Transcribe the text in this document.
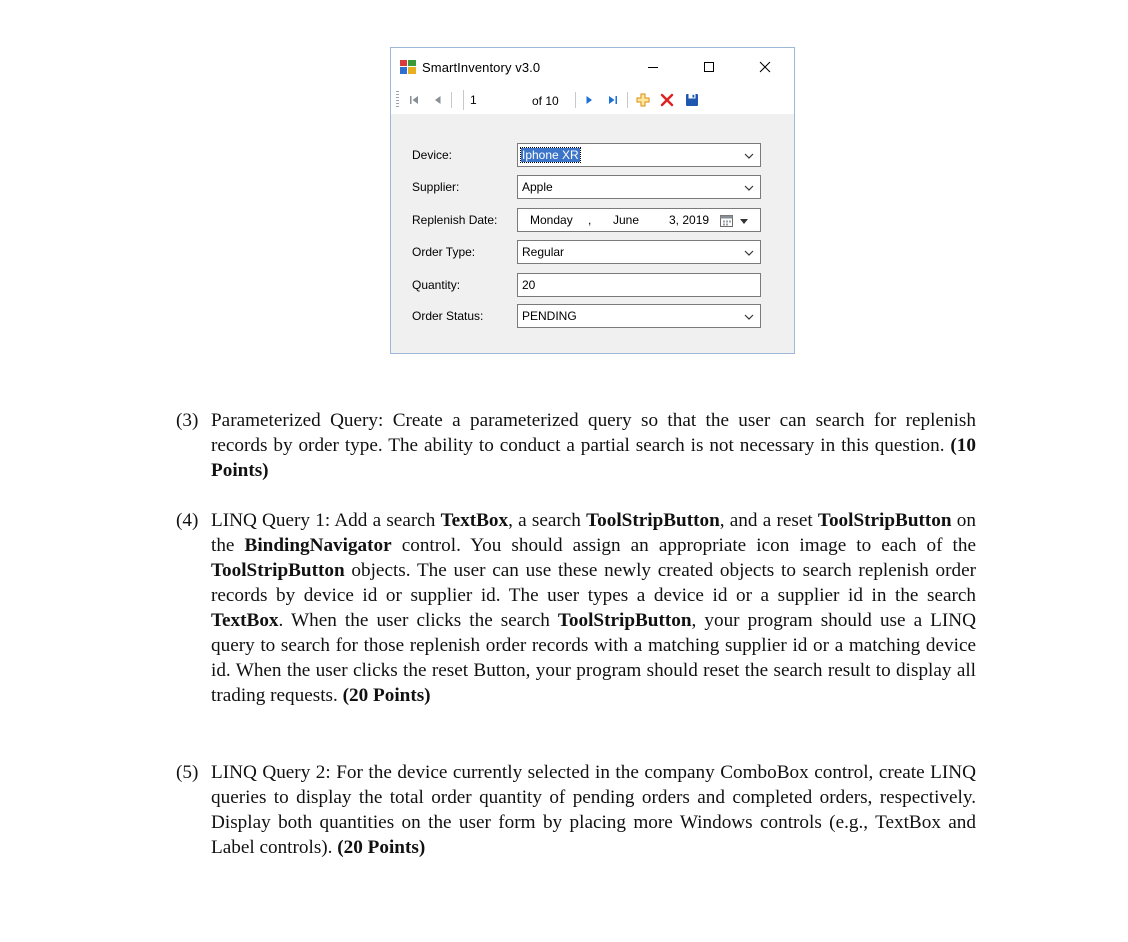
SmartInventory v3.0
1
of 10
Device:	Iphone XR
Supplier:	Apple
Replenish Date:	Monday , June 3, 2019
Order Type:	Regular
Quantity:	20
Order Status:	PENDING
(3) Parameterized Query: Create a parameterized query so that the user can search for replenish records by order type. The ability to conduct a partial search is not necessary in this question. (10 Points)
(4) LINQ Query 1: Add a search TextBox, a search ToolStripButton, and a reset ToolStripButton on the BindingNavigator control. You should assign an appropriate icon image to each of the ToolStripButton objects. The user can use these newly created objects to search replenish order records by device id or supplier id. The user types a device id or a supplier id in the search TextBox. When the user clicks the search ToolStripButton, your program should use a LINQ query to search for those replenish order records with a matching supplier id or a matching device id. When the user clicks the reset Button, your program should reset the search result to display all trading requests. (20 Points)
(5) LINQ Query 2: For the device currently selected in the company ComboBox control, create LINQ queries to display the total order quantity of pending orders and completed orders, respectively. Display both quantities on the user form by placing more Windows controls (e.g., TextBox and Label controls). (20 Points)
